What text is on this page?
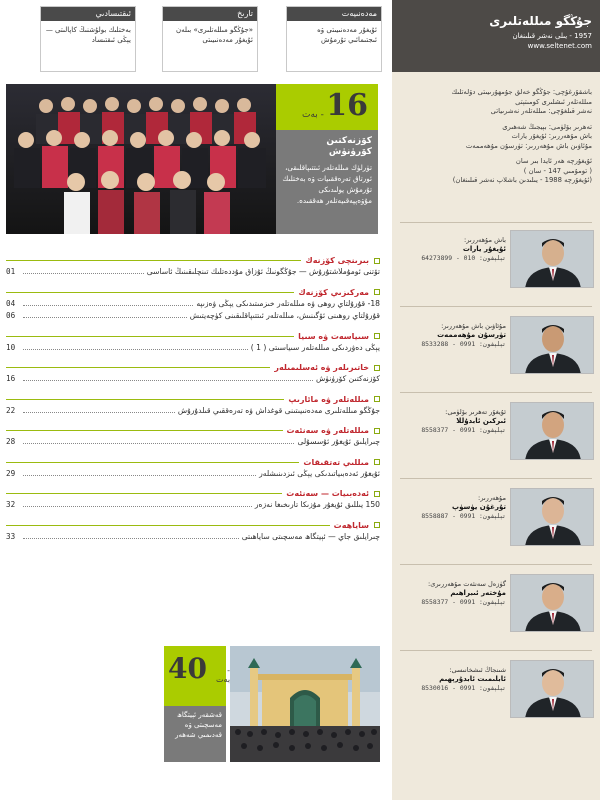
ئىقتىسادىي
بەختلىك بولۇشنىڭ كاپالىتى — يېڭى ئىقتىساد
تارىخ
«جۇڭگو مىللەتلىرى» بىلەن ئۇيغۇر مەدەنىيىتى
مەدەنىيەت
ئۇيغۇر مەدەنىيىتى ۋە ئىجتىمائىي تۇرمۇش
16
- بەت
كۆزنەكتىن كۆرۈنۈش
تۈرلۈك مىللەتلەر ئىتتىپاقلىقى، ئورتاق تەرەققىيات ۋە بەختلىك تۇرمۇش يولىدىكى مۇۋەپپەقىيەتلەر ھەققىدە.
بىرىنچى كۆزنەك
01	تۆتنى ئومۇملاشتۇرۇش — جۇڭگونىڭ ئۇزاق مۇددەتلىك تىنچلىقىنىڭ ئاساسى
مەركىزىي كۆزنەك
04	18- قۇرۇلتاي روھى ۋە مىللەتلەر خىزمىتىدىكى يېڭى ۋەزىپە
06	قۇرۇلتاي روھىنى ئۆگىنىش، مىللەتلەر ئىتتىپاقلىقىنى كۈچەيتىش
سىياسەت ۋە سىيا
10	يېڭى دەۋردىكى مىللەتلەر سىياسىتى ( 1 )
خاتىرىلەر ۋە ئەسلىمىلەر
16	كۆزنەكتىن كۆرۈنۈش
مىللەتلەر ۋە مائارىپ
22	جۇڭگو مىللەتلىرى مەدەنىيىتىنى قوغداش ۋە تەرەققىي قىلدۇرۇش
مىللەتلەر ۋە سەنئەت
28	چىرايلىق ئۇيغۇر ئۇسسۇلى
مىللىي تەتقىقات
29	ئۇيغۇر ئەدەبىياتىدىكى يېڭى ئىزدىنىشلەر
ئەدەبىيات — سەنئەت
32	150 يىللىق ئۇيغۇر مۇزىكا تارىخىغا نەزەر
ساياھەت
33	چىرايلىق جاي — ئېيتگاھ مەسچىتى ساياھىتى
40	- بەت
قەشقەر ئېيتگاھ مەسچىتى ۋە قەدىمىي شەھەر
جۇڭگو مىللەتلىرى
1957 - يىلى نەشر قىلىنغان
www.seltenet.com
باشقۇرغۇچى: جۇڭگو خەلق جۇمھۇرىيىتى دۆلەتلىك
مىللەتلەر ئىشلىرى كومىتېتى
نەشر قىلغۇچى: مىللەتلەر نەشرىياتى
تەھرىر بۆلۈمى: بېيجىڭ شەھىرى
باش مۇھەررىر: ئۇيغۇر يارات
مۇئاۋىن باش مۇھەررىر: تۈرسۇن مۇھەممەت
ئۇيغۇرچە ھەر ئايدا بىر سان
( تومۇمىي 147 - سان )
(ئۇيغۇرچە 1988 - يىلىدىن باشلاپ نەشر قىلىنغان)
باش مۇھەررىر:
ئۇيغۇر يارات
تېلېفون: 010 - 64273899
مۇئاۋىن باش مۇھەررىر:
تۈرسۇن مۇھەممەت
تېلېفون: 0991 - 8533288
ئۇيغۇر تەھرىر بۆلۈمى:
ئىركىن ئابدۇللا
تېلېفون: 0991 - 8558377
مۇھەررىر:
تۇرغۇن يۈسۈپ
تېلېفون: 0991 - 8558887
گۈزەل سەنئەت مۇھەررىرى:
مۇختەر ئىبراھىم
تېلېفون: 0991 - 8558377
شىنجاڭ ئىشخانىسى:
ئابلىمىت ئابدۇرېھىم
تېلېفون: 0991 - 8530016
